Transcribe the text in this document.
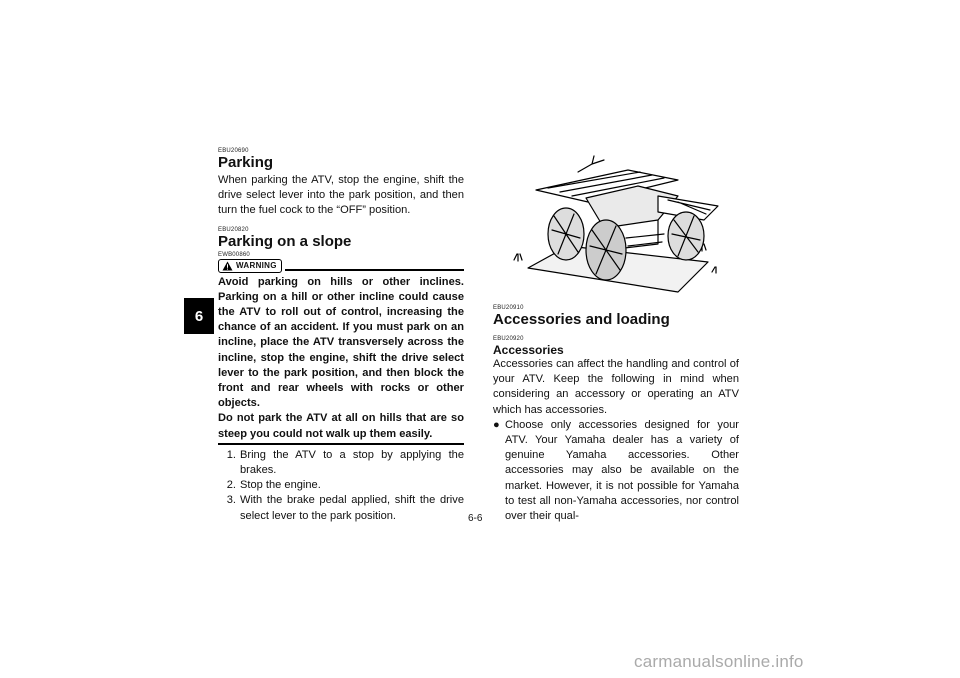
6

EBU20690

Parking

When parking the ATV, stop the engine, shift the drive select lever into the park position, and then turn the fuel cock to the “OFF” position.

EBU20820

Parking on a slope

EWB00860

WARNING

Avoid parking on hills or other inclines. Parking on a hill or other incline could cause the ATV to roll out of control, increasing the chance of an accident. If you must park on an incline, place the ATV transversely across the incline, stop the engine, shift the drive select lever to the park position, and then block the front and rear wheels with rocks or other objects.

Do not park the ATV at all on hills that are so steep you could not walk up them easily.

1. Bring the ATV to a stop by applying the brakes.
2. Stop the engine.
3. With the brake pedal applied, shift the drive select lever to the park position.

EBU20910

Accessories and loading

EBU20920

Accessories

Accessories can affect the handling and control of your ATV. Keep the following in mind when considering an accessory or operating an ATV which has accessories.

● Choose only accessories designed for your ATV. Your Yamaha dealer has a variety of genuine Yamaha accessories. Other accessories may also be available on the market. However, it is not possible for Yamaha to test all non-Yamaha accessories, nor control over their qual-
6-6
carmanualsonline.info
